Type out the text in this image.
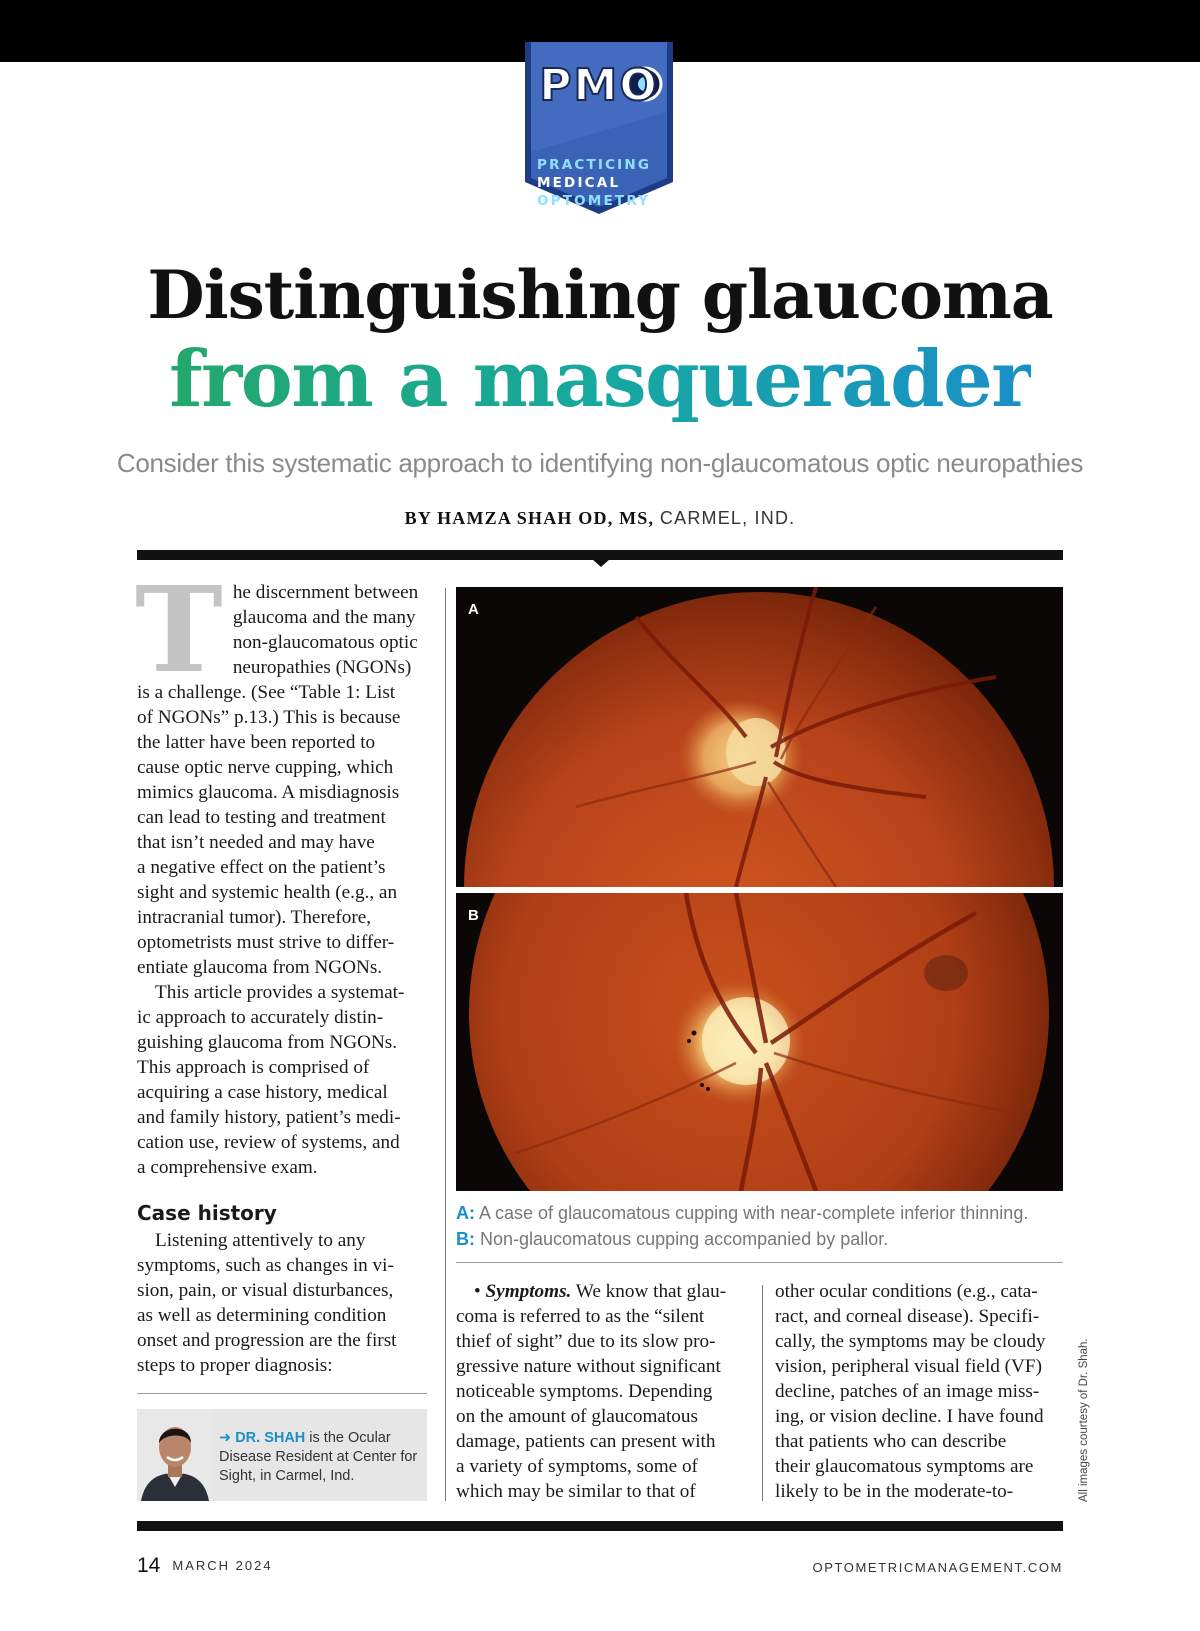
PMO
PRACTICING
MEDICAL
OPTOMETRY
Distinguishing glaucoma
from a masquerader
Consider this systematic approach to identifying non-glaucomatous optic neuropathies
BY HAMZA SHAH OD, MS, CARMEL, IND.

T he discernment between
glaucoma and the many
non-glaucomatous optic
neuropathies (NGONs)
is a challenge. (See “Table 1: List
of NGONs” p.13.) This is because
the latter have been reported to
cause optic nerve cupping, which
mimics glaucoma. A misdiagnosis
can lead to testing and treatment
that isn’t needed and may have
a negative effect on the patient’s
sight and systemic health (e.g., an
intracranial tumor). Therefore,
optometrists must strive to differ-
entiate glaucoma from NGONs.

This article provides a systemat-
ic approach to accurately distin-
guishing glaucoma from NGONs.
This approach is comprised of
acquiring a case history, medical
and family history, patient’s medi-
cation use, review of systems, and
a comprehensive exam.

Case history

Listening attentively to any
symptoms, such as changes in vi-
sion, pain, or visual disturbances,
as well as determining condition
onset and progression are the first
steps to proper diagnosis:

➜ DR. SHAH is the Ocular
Disease Resident at Center for
Sight, in Carmel, Ind.
A
B
A: A case of glaucomatous cupping with near-complete inferior thinning.
B: Non-glaucomatous cupping accompanied by pallor.

• Symptoms. We know that glau-
coma is referred to as the “silent
thief of sight” due to its slow pro-
gressive nature without significant
noticeable symptoms. Depending
on the amount of glaucomatous
damage, patients can present with
a variety of symptoms, some of
which may be similar to that of

other ocular conditions (e.g., cata-
ract, and corneal disease). Specifi-
cally, the symptoms may be cloudy
vision, peripheral visual field (VF)
decline, patches of an image miss-
ing, or vision decline. I have found
that patients who can describe
their glaucomatous symptoms are
likely to be in the moderate-to-	All images courtesy of Dr. Shah.
14 MARCH 2024	OPTOMETRICMANAGEMENT.COM
